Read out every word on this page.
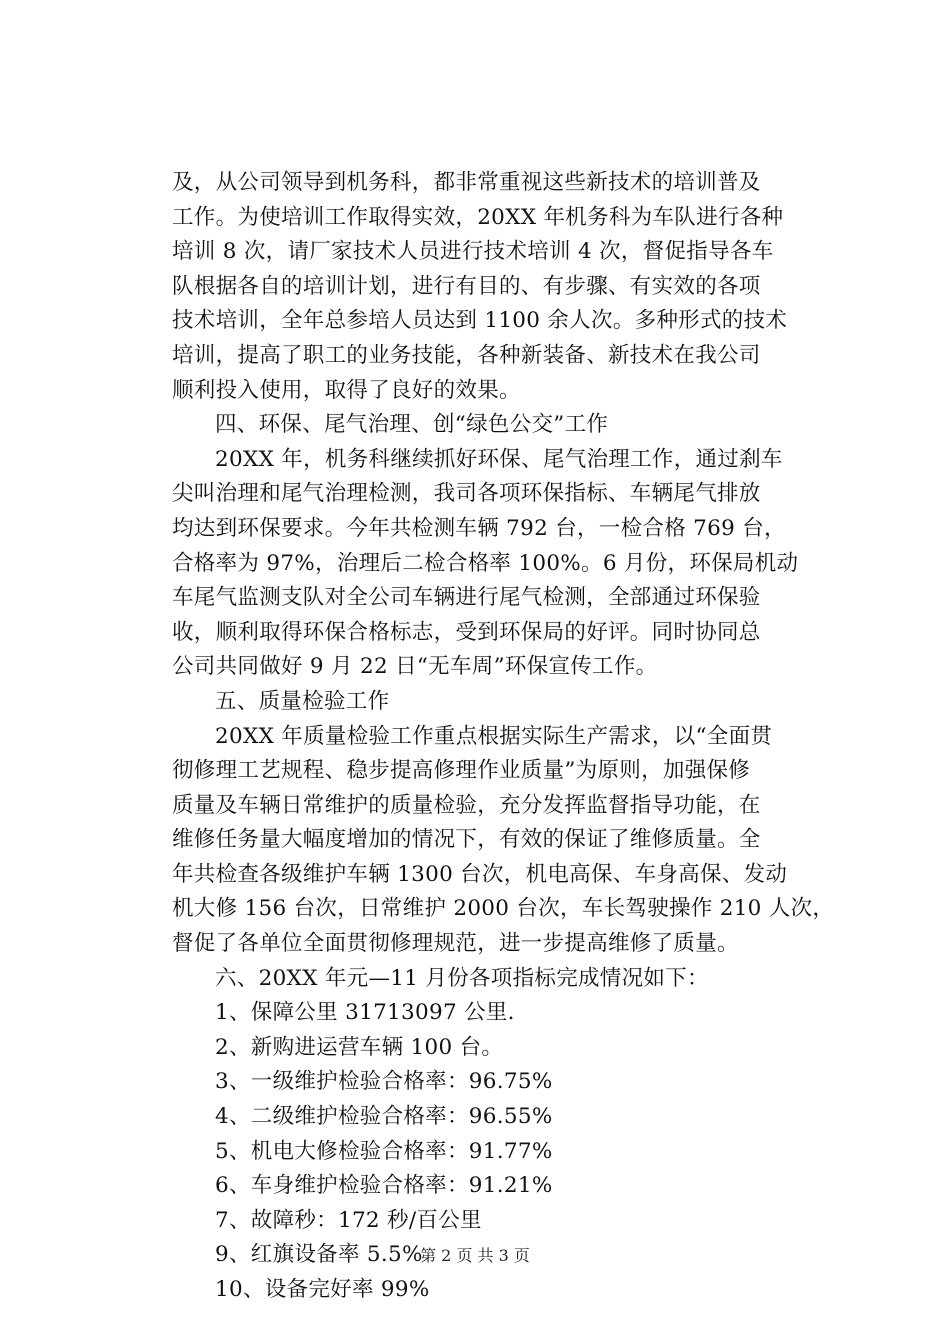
及，从公司领导到机务科，都非常重视这些新技术的培训普及
工作。为使培训工作取得实效，20XX 年机务科为车队进行各种
培训 8 次，请厂家技术人员进行技术培训 4 次，督促指导各车
队根据各自的培训计划，进行有目的、有步骤、有实效的各项
技术培训，全年总参培人员达到 1100 余人次。多种形式的技术
培训，提高了职工的业务技能，各种新装备、新技术在我公司
顺利投入使用，取得了良好的效果。
四、环保、尾气治理、创“绿色公交”工作
20XX 年，机务科继续抓好环保、尾气治理工作，通过刹车
尖叫治理和尾气治理检测，我司各项环保指标、车辆尾气排放
均达到环保要求。今年共检测车辆 792 台，一检合格 769 台，
合格率为 97%，治理后二检合格率 100%。6 月份，环保局机动
车尾气监测支队对全公司车辆进行尾气检测，全部通过环保验
收，顺利取得环保合格标志，受到环保局的好评。同时协同总
公司共同做好 9 月 22 日“无车周”环保宣传工作。
五、质量检验工作
20XX 年质量检验工作重点根据实际生产需求，以“全面贯
彻修理工艺规程、稳步提高修理作业质量”为原则，加强保修
质量及车辆日常维护的质量检验，充分发挥监督指导功能，在
维修任务量大幅度增加的情况下，有效的保证了维修质量。全
年共检查各级维护车辆 1300 台次，机电高保、车身高保、发动
机大修 156 台次，日常维护 2000 台次，车长驾驶操作 210 人次，
督促了各单位全面贯彻修理规范，进一步提高维修了质量。
六、20XX 年元—11 月份各项指标完成情况如下：
1、保障公里 31713097 公里.
2、新购进运营车辆 100 台。
3、一级维护检验合格率：96.75%
4、二级维护检验合格率：96.55%
5、机电大修检验合格率：91.77%
6、车身维护检验合格率：91.21%
7、故障秒：172 秒/百公里
9、红旗设备率 5.5%
10、设备完好率 99%
第 2 页 共 3 页
